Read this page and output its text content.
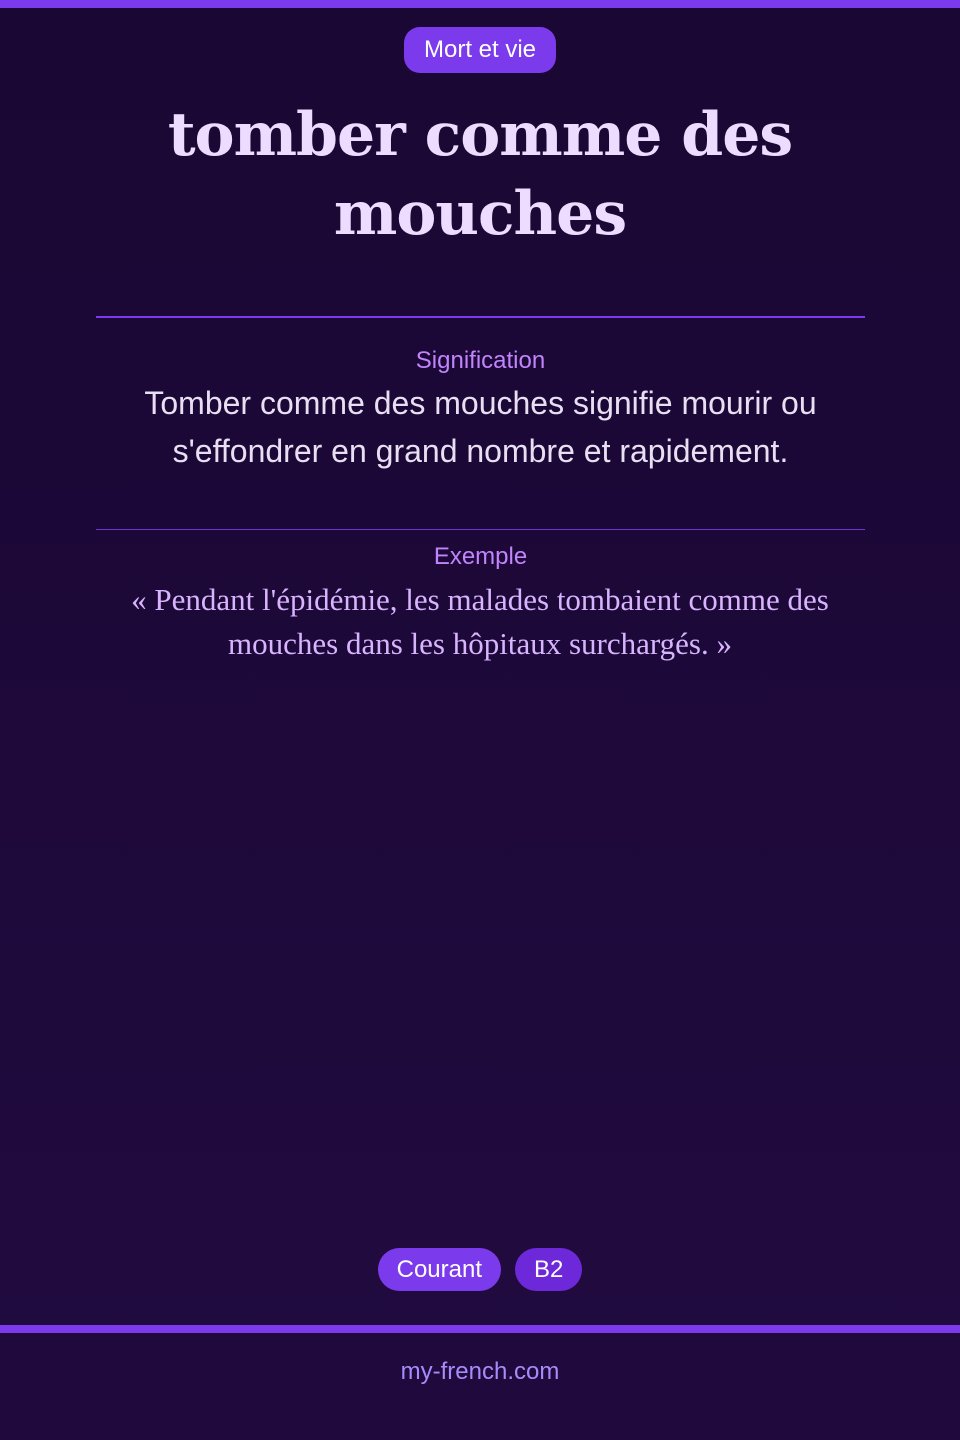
Mort et vie
tomber comme des mouches
Signification
Tomber comme des mouches signifie mourir ou s'effondrer en grand nombre et rapidement.
Exemple
« Pendant l'épidémie, les malades tombaient comme des mouches dans les hôpitaux surchargés. »
Courant	B2
my-french.com
